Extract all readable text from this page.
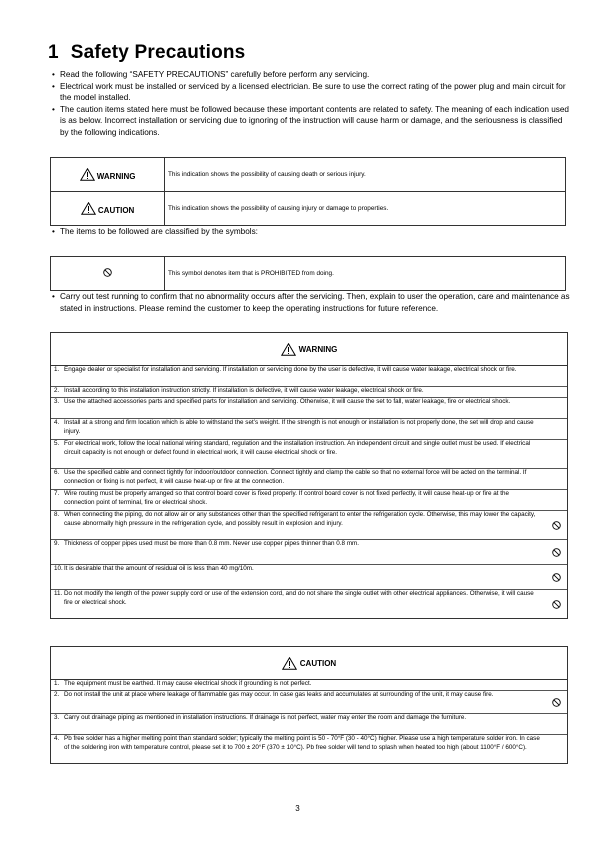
1 Safety Precautions
• Read the following “SAFETY PRECAUTIONS” carefully before perform any servicing.
• Electrical work must be installed or serviced by a licensed electrician. Be sure to use the correct rating of the power plug and main circuit for the model installed.
• The caution items stated here must be followed because these important contents are related to safety. The meaning of each indication used is as below. Incorrect installation or servicing due to ignoring of the instruction will cause harm or damage, and the seriousness is classified by the following indications.
WARNING	This indication shows the possibility of causing death or serious injury.
CAUTION	This indication shows the possibility of causing injury or damage to properties.
• The items to be followed are classified by the symbols:
	This symbol denotes item that is PROHIBITED from doing.
• Carry out test running to confirm that no abnormality occurs after the servicing. Then, explain to user the operation, care and maintenance as stated in instructions. Please remind the customer to keep the operating instructions for future reference.
WARNING
1. Engage dealer or specialist for installation and servicing. If installation or servicing done by the user is defective, it will cause water leakage, electrical shock or fire.
2. Install according to this installation instruction strictly. If installation is defective, it will cause water leakage, electrical shock or fire.
3. Use the attached accessories parts and specified parts for installation and servicing. Otherwise, it will cause the set to fall, water leakage, fire or electrical shock.
4. Install at a strong and firm location which is able to withstand the set’s weight. If the strength is not enough or installation is not properly done, the set will drop and cause injury.
5. For electrical work, follow the local national wiring standard, regulation and the installation instruction. An independent circuit and single outlet must be used. If electrical circuit capacity is not enough or defect found in electrical work, it will cause electrical shock or fire.
6. Use the specified cable and connect tightly for indoor/outdoor connection. Connect tightly and clamp the cable so that no external force will be acted on the terminal. If connection or fixing is not perfect, it will cause heat-up or fire at the connection.
7. Wire routing must be properly arranged so that control board cover is fixed properly. If control board cover is not fixed perfectly, it will cause heat-up or fire at the connection point of terminal, fire or electrical shock.
8. When connecting the piping, do not allow air or any substances other than the specified refrigerant to enter the refrigeration cycle. Otherwise, this may lower the capacity, cause abnormally high pressure in the refrigeration cycle, and possibly result in explosion and injury.
9. Thickness of copper pipes used must be more than 0.8 mm. Never use copper pipes thinner than 0.8 mm.
10. It is desirable that the amount of residual oil is less than 40 mg/10m.
11. Do not modify the length of the power supply cord or use of the extension cord, and do not share the single outlet with other electrical appliances. Otherwise, it will cause fire or electrical shock.
CAUTION
1. The equipment must be earthed. It may cause electrical shock if grounding is not perfect.
2. Do not install the unit at place where leakage of flammable gas may occur. In case gas leaks and accumulates at surrounding of the unit, it may cause fire.
3. Carry out drainage piping as mentioned in installation instructions. If drainage is not perfect, water may enter the room and damage the furniture.
4. Pb free solder has a higher melting point than standard solder; typically the melting point is 50 - 70°F (30 - 40°C) higher. Please use a high temperature solder iron. In case of the soldering iron with temperature control, please set it to 700 ± 20°F (370 ± 10°C). Pb free solder will tend to splash when heated too high (about 1100°F / 600°C).
3
